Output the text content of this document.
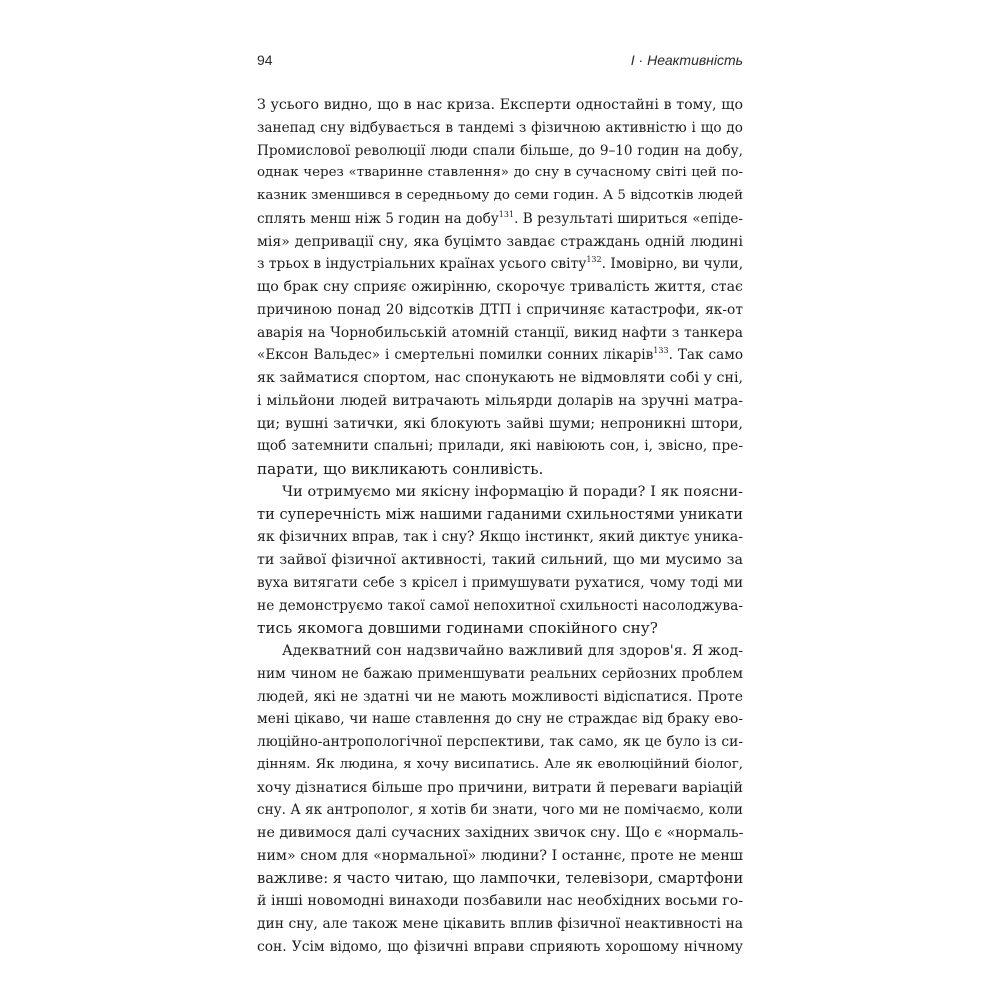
94	I · Неактивність
З усього видно, що в нас криза. Експерти одностайні в тому, що
занепад сну відбувається в тандемі з фізичною активністю і що до
Промислової революції люди спали більше, до 9–10 годин на добу,
однак через «тваринне ставлення» до сну в сучасному світі цей по-
казник зменшився в середньому до семи годин. А 5 відсотків людей
сплять менш ніж 5 годин на добу$^{131}$. В результаті шириться «епіде-
мія» депривації сну, яка буцімто завдає страждань одній людині
з трьох в індустріальних країнах усього світу$^{132}$. Імовірно, ви чули,
що брак сну сприяє ожирінню, скорочує тривалість життя, стає
причиною понад 20 відсотків ДТП і спричиняє катастрофи, як-от
аварія на Чорнобильській атомній станції, викид нафти з танкера
«Ексон Вальдес» і смертельні помилки сонних лікарів$^{133}$. Так само
як займатися спортом, нас спонукають не відмовляти собі у сні,
і мільйони людей витрачають мільярди доларів на зручні матра-
ци; вушні затички, які блокують зайві шуми; непроникні штори,
щоб затемнити спальні; прилади, які навіюють сон, і, звісно, пре-
парати, що викликають сонливість.
Чи отримуємо ми якісну інформацію й поради? І як поясни-
ти суперечність між нашими гаданими схильностями уникати
як фізичних вправ, так і сну? Якщо інстинкт, який диктує уника-
ти зайвої фізичної активності, такий сильний, що ми мусимо за
вуха витягати себе з крісел і примушувати рухатися, чому тоді ми
не демонструємо такої самої непохитної схильності насолоджува-
тись якомога довшими годинами спокійного сну?
Адекватний сон надзвичайно важливий для здоров'я. Я жод-
ним чином не бажаю применшувати реальних серйозних проблем
людей, які не здатні чи не мають можливості відіспатися. Проте
мені цікаво, чи наше ставлення до сну не страждає від браку ево-
люційно-антропологічної перспективи, так само, як це було із си-
дінням. Як людина, я хочу висипатись. Але як еволюційний біолог,
хочу дізнатися більше про причини, витрати й переваги варіацій
сну. А як антрополог, я хотів би знати, чого ми не помічаємо, коли
не дивимося далі сучасних західних звичок сну. Що є «нормаль-
ним» сном для «нормальної» людини? І останнє, проте не менш
важливе: я часто читаю, що лампочки, телевізори, смартфони
й інші новомодні винаходи позбавили нас необхідних восьми го-
дин сну, але також мене цікавить вплив фізичної неактивності на
сон. Усім відомо, що фізичні вправи сприяють хорошому нічному
